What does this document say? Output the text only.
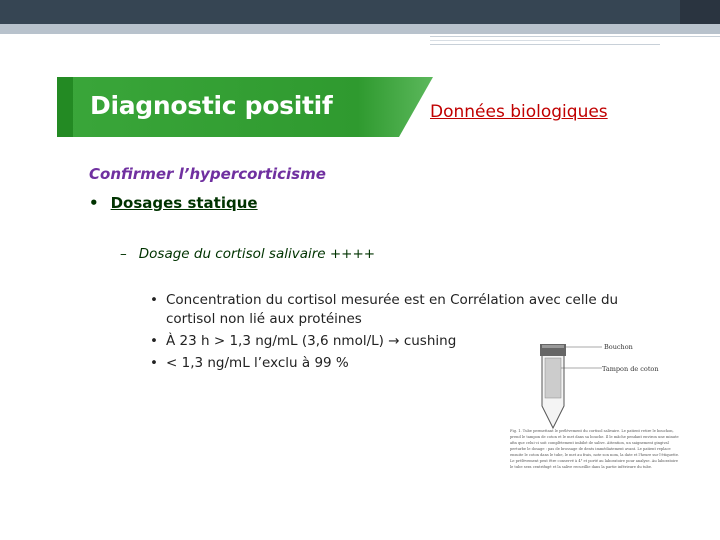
Diagnostic positif	Données biologiques
Confirmer l’hypercorticisme
• Dosages statique
– Dosage du cortisol salivaire ++++
• Concentration du cortisol mesurée est en Corrélation avec celle du
cortisol non lié aux protéines
• À 23 h > 1,3 ng/mL (3,6 nmol/L) → cushing
• < 1,3 ng/mL l’exclu à 99 %
Bouchon
Tampon de coton
Fig. 1. Tube permettant le prélèvement du cortisol salivaire. Le patient retire le bouchon, prend le tampon de coton et le met dans sa bouche. Il le mâche pendant environ une minute afin que celui-ci soit complètement imbibé de salive. Attention, un saignement gingival perturbe le dosage : pas de brossage de dents immédiatement avant. Le patient replace ensuite le coton dans le tube, le met au frais, note son nom, la date et l'heure sur l'étiquette. Le prélèvement peut être conservé à 4° et porté au laboratoire pour analyse. Au laboratoire le tube sera centrifugé et la salive recueillie dans la partie inférieure du tube.
